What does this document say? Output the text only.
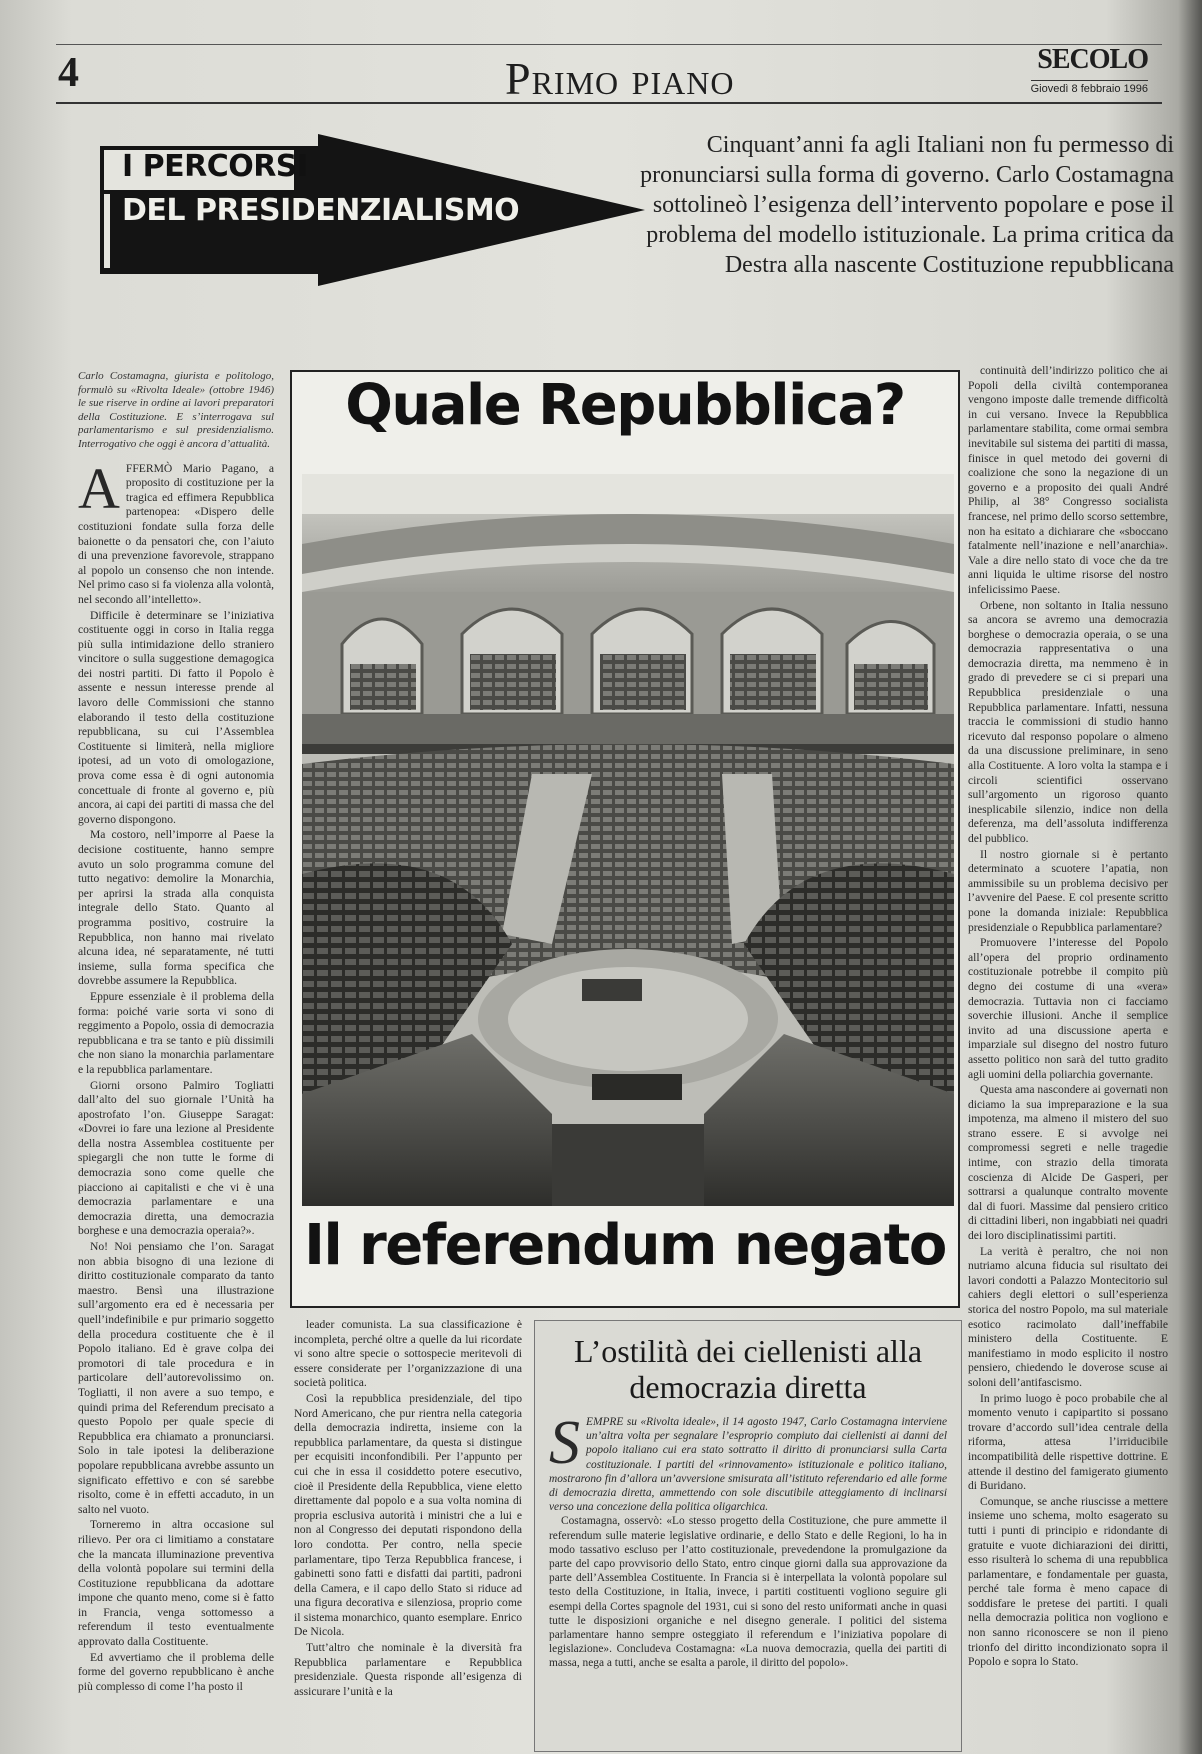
4	Primo piano	SECOLO
Giovedì 8 febbraio 1996
I PERCORSI
DEL PRESIDENZIALISMO
Cinquant’anni fa agli Italiani non fu permesso di pronunciarsi sulla forma di governo. Carlo Costamagna sottolineò l’esigenza dell’intervento popolare e pose il problema del modello istituzionale. La prima critica da Destra alla nascente Costituzione repubblicana

Carlo Costamagna, giurista e politologo, formulò su «Rivolta Ideale» (ottobre 1946) le sue riserve in ordine ai lavori preparatori della Costituzione. E s’interrogava sul parlamentarismo e sul presidenzialismo. Interrogativo che oggi è ancora d’attualità.

AFFERMÒ Mario Pagano, a proposito di costituzione per la tragica ed effimera Repubblica partenopea: «Dispero delle costituzioni fondate sulla forza delle baionette o da pensatori che, con l’aiuto di una prevenzione favorevole, strappano al popolo un consenso che non intende. Nel primo caso si fa violenza alla volontà, nel secondo all’intelletto».

Difficile è determinare se l’iniziativa costituente oggi in corso in Italia regga più sulla intimidazione dello straniero vincitore o sulla suggestione demagogica dei nostri partiti. Di fatto il Popolo è assente e nessun interesse prende al lavoro delle Commissioni che stanno elaborando il testo della costituzione repubblicana, su cui l’Assemblea Costituente si limiterà, nella migliore ipotesi, ad un voto di omologazione, prova come essa è di ogni autonomia concettuale di fronte al governo e, più ancora, ai capi dei partiti di massa che del governo dispongono.

Ma costoro, nell’imporre al Paese la decisione costituente, hanno sempre avuto un solo programma comune del tutto negativo: demolire la Monarchia, per aprirsi la strada alla conquista integrale dello Stato. Quanto al programma positivo, costruire la Repubblica, non hanno mai rivelato alcuna idea, né separatamente, né tutti insieme, sulla forma specifica che dovrebbe assumere la Repubblica.

Eppure essenziale è il problema della forma: poiché varie sorta vi sono di reggimento a Popolo, ossia di democrazia repubblicana e tra se tanto e più dissimili che non siano la monarchia parlamentare e la repubblica parlamentare.

Giorni orsono Palmiro Togliatti dall’alto del suo giornale l’Unità ha apostrofato l’on. Giuseppe Saragat: «Dovrei io fare una lezione al Presidente della nostra Assemblea costituente per spiegargli che non tutte le forme di democrazia sono come quelle che piacciono ai capitalisti e che vi è una democrazia parlamentare e una democrazia diretta, una democrazia borghese e una democrazia operaia?».

No! Noi pensiamo che l’on. Saragat non abbia bisogno di una lezione di diritto costituzionale comparato da tanto maestro. Bensì una illustrazione sull’argomento era ed è necessaria per quell’indefinibile e pur primario soggetto della procedura costituente che è il Popolo italiano. Ed è grave colpa dei promotori di tale procedura e in particolare dell’autorevolissimo on. Togliatti, il non avere a suo tempo, e quindi prima del Referendum precisato a questo Popolo per quale specie di Repubblica era chiamato a pronunciarsi. Solo in tale ipotesi la deliberazione popolare repubblicana avrebbe assunto un significato effettivo e con sé sarebbe risolto, come è in effetti accaduto, in un salto nel vuoto.

Torneremo in altra occasione sul rilievo. Per ora ci limitiamo a constatare che la mancata illuminazione preventiva della volontà popolare sui termini della Costituzione repubblicana da adottare impone che quanto meno, come si è fatto in Francia, venga sottomesso a referendum il testo eventualmente approvato dalla Costituente.

Ed avvertiamo che il problema delle forme del governo repubblicano è anche più complesso di come l’ha posto il

Quale Repubblica?
Il referendum negato

leader comunista. La sua classificazione è incompleta, perché oltre a quelle da lui ricordate vi sono altre specie o sottospecie meritevoli di essere considerate per l’organizzazione di una società politica.

Così la repubblica presidenziale, del tipo Nord Americano, che pur rientra nella categoria della democrazia indiretta, insieme con la repubblica parlamentare, da questa si distingue per ecquisiti inconfondibili. Per l’appunto per cui che in essa il cosiddetto potere esecutivo, cioè il Presidente della Repubblica, viene eletto direttamente dal popolo e a sua volta nomina di propria esclusiva autorità i ministri che a lui e non al Congresso dei deputati rispondono della loro condotta. Per contro, nella specie parlamentare, tipo Terza Repubblica francese, i gabinetti sono fatti e disfatti dai partiti, padroni della Camera, e il capo dello Stato si riduce ad una figura decorativa e silenziosa, proprio come il sistema monarchico, quanto esemplare. Enrico De Nicola.

Tutt’altro che nominale è la diversità fra Repubblica parlamentare e Repubblica presidenziale. Questa risponde all’esigenza di assicurare l’unità e la

L’ostilità dei ciellenisti alla democrazia diretta

SEMPRE su «Rivolta ideale», il 14 agosto 1947, Carlo Costamagna interviene un’altra volta per segnalare l’esproprio compiuto dai ciellenisti ai danni del popolo italiano cui era stato sottratto il diritto di pronunciarsi sulla Carta costituzionale. I partiti del «rinnovamento» istituzionale e politico italiano, mostrarono fin d’allora un’avversione smisurata all’istituto referendario ed alle forme di democrazia diretta, ammettendo con sole discutibile atteggiamento di inclinarsi verso una concezione della politica oligarchica.

Costamagna, osservò: «Lo stesso progetto della Costituzione, che pure ammette il referendum sulle materie legislative ordinarie, e dello Stato e delle Regioni, lo ha in modo tassativo escluso per l’atto costituzionale, prevedendone la promulgazione da parte del capo provvisorio dello Stato, entro cinque giorni dalla sua approvazione da parte dell’Assemblea Costituente. In Francia si è interpellata la volontà popolare sul testo della Costituzione, in Italia, invece, i partiti costituenti vogliono seguire gli esempi della Cortes spagnole del 1931, cui si sono del resto uniformati anche in quasi tutte le disposizioni organiche e nel disegno generale. I politici del sistema parlamentare hanno sempre osteggiato il referendum e l’iniziativa popolare di legislazione». Concludeva Costamagna: «La nuova democrazia, quella dei partiti di massa, nega a tutti, anche se esalta a parole, il diritto del popolo».

continuità dell’indirizzo politico che ai Popoli della civiltà contemporanea vengono imposte dalle tremende difficoltà in cui versano. Invece la Repubblica parlamentare stabilita, come ormai sembra inevitabile sul sistema dei partiti di massa, finisce in quel metodo dei governi di coalizione che sono la negazione di un governo e a proposito dei quali André Philip, al 38° Congresso socialista francese, nel primo dello scorso settembre, non ha esitato a dichiarare che «sboccano fatalmente nell’inazione e nell’anarchia». Vale a dire nello stato di voce che da tre anni liquida le ultime risorse del nostro infelicissimo Paese.

Orbene, non soltanto in Italia nessuno sa ancora se avremo una democrazia borghese o democrazia operaia, o se una democrazia rappresentativa o una democrazia diretta, ma nemmeno è in grado di prevedere se ci si prepari una Repubblica presidenziale o una Repubblica parlamentare. Infatti, nessuna traccia le commissioni di studio hanno ricevuto dal responso popolare o almeno da una discussione preliminare, in seno alla Costituente. A loro volta la stampa e i circoli scientifici osservano sull’argomento un rigoroso quanto inesplicabile silenzio, indice non della deferenza, ma dell’assoluta indifferenza del pubblico.

Il nostro giornale si è pertanto determinato a scuotere l’apatia, non ammissibile su un problema decisivo per l’avvenire del Paese. E col presente scritto pone la domanda iniziale: Repubblica presidenziale o Repubblica parlamentare?

Promuovere l’interesse del Popolo all’opera del proprio ordinamento costituzionale potrebbe il compito più degno dei costume di una «vera» democrazia. Tuttavia non ci facciamo soverchie illusioni. Anche il semplice invito ad una discussione aperta e imparziale sul disegno del nostro futuro assetto politico non sarà del tutto gradito agli uomini della poliarchia governante.

Questa ama nascondere ai governati non diciamo la sua impreparazione e la sua impotenza, ma almeno il mistero del suo strano essere. E si avvolge nei compromessi segreti e nelle tragedie intime, con strazio della timorata coscienza di Alcide De Gasperi, per sottrarsi a qualunque contralto movente dal di fuori. Massime dal pensiero critico di cittadini liberi, non ingabbiati nei quadri dei loro disciplinatissimi partiti.

La verità è peraltro, che noi non nutriamo alcuna fiducia sul risultato dei lavori condotti a Palazzo Montecitorio sul cahiers degli elettori o sull’esperienza storica del nostro Popolo, ma sul materiale esotico racimolato dall’ineffabile ministero della Costituente. E manifestiamo in modo esplicito il nostro pensiero, chiedendo le doverose scuse ai soloni dell’antifascismo.

In primo luogo è poco probabile che al momento venuto i capipartito si possano trovare d’accordo sull’idea centrale della riforma, attesa l’irriducibile incompatibilità delle rispettive dottrine. E attende il destino del famigerato giumento di Buridano.

Comunque, se anche riuscisse a mettere insieme uno schema, molto esagerato su tutti i punti di principio e ridondante di gratuite e vuote dichiarazioni dei diritti, esso risulterà lo schema di una repubblica parlamentare, e fondamentale per guasta, perché tale forma è meno capace di soddisfare le pretese dei partiti. I quali nella democrazia politica non vogliono e non sanno riconoscere se non il pieno trionfo del diritto incondizionato sopra il Popolo e sopra lo Stato.
